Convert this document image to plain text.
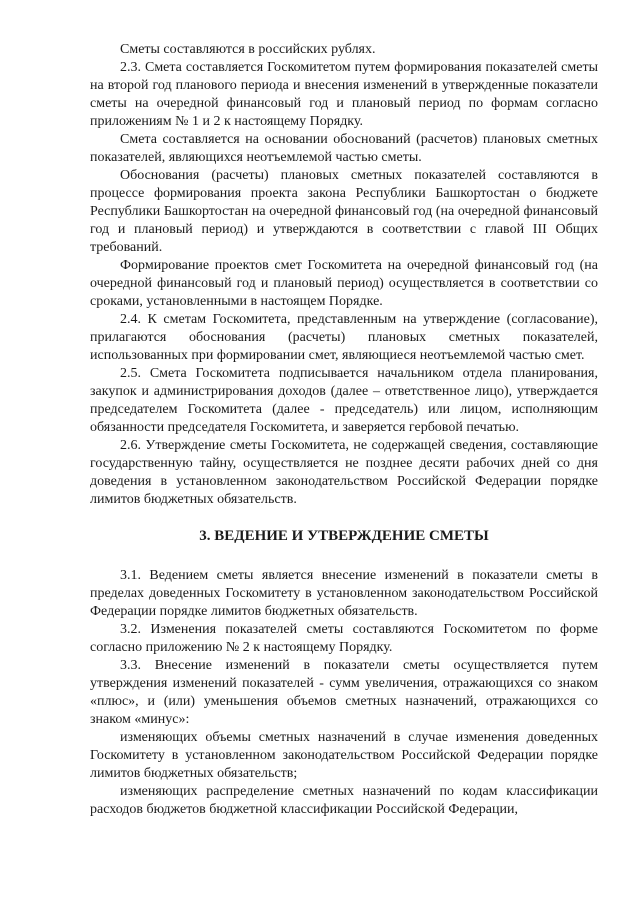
Сметы составляются в российских рублях.

2.3. Смета составляется Госкомитетом путем формирования показателей сметы на второй год планового периода и внесения изменений в утвержденные показатели сметы на очередной финансовый год и плановый период по формам согласно приложениям № 1 и 2 к настоящему Порядку.

Смета составляется на основании обоснований (расчетов) плановых сметных показателей, являющихся неотъемлемой частью сметы.

Обоснования (расчеты) плановых сметных показателей составляются в процессе формирования проекта закона Республики Башкортостан о бюджете Республики Башкортостан на очередной финансовый год (на очередной финансовый год и плановый период) и утверждаются в соответствии с главой III Общих требований.

Формирование проектов смет Госкомитета на очередной финансовый год (на очередной финансовый год и плановый период) осуществляется в соответствии со сроками, установленными в настоящем Порядке.

2.4. К сметам Госкомитета, представленным на утверждение (согласование), прилагаются обоснования (расчеты) плановых сметных показателей, использованных при формировании смет, являющиеся неотъемлемой частью смет.

2.5. Смета Госкомитета подписывается начальником отдела планирования, закупок и администрирования доходов (далее – ответственное лицо), утверждается председателем Госкомитета (далее - председатель) или лицом, исполняющим обязанности председателя Госкомитета, и заверяется гербовой печатью.

2.6. Утверждение сметы Госкомитета, не содержащей сведения, составляющие государственную тайну, осуществляется не позднее десяти рабочих дней со дня доведения в установленном законодательством Российской Федерации порядке лимитов бюджетных обязательств.

3. ВЕДЕНИЕ И УТВЕРЖДЕНИЕ СМЕТЫ

3.1. Ведением сметы является внесение изменений в показатели сметы в пределах доведенных Госкомитету в установленном законодательством Российской Федерации порядке лимитов бюджетных обязательств.

3.2. Изменения показателей сметы составляются Госкомитетом по форме согласно приложению № 2 к настоящему Порядку.

3.3. Внесение изменений в показатели сметы осуществляется путем утверждения изменений показателей - сумм увеличения, отражающихся со знаком «плюс», и (или) уменьшения объемов сметных назначений, отражающихся со знаком «минус»:

изменяющих объемы сметных назначений в случае изменения доведенных Госкомитету в установленном законодательством Российской Федерации порядке лимитов бюджетных обязательств;

изменяющих распределение сметных назначений по кодам классификации расходов бюджетов бюджетной классификации Российской Федерации,
